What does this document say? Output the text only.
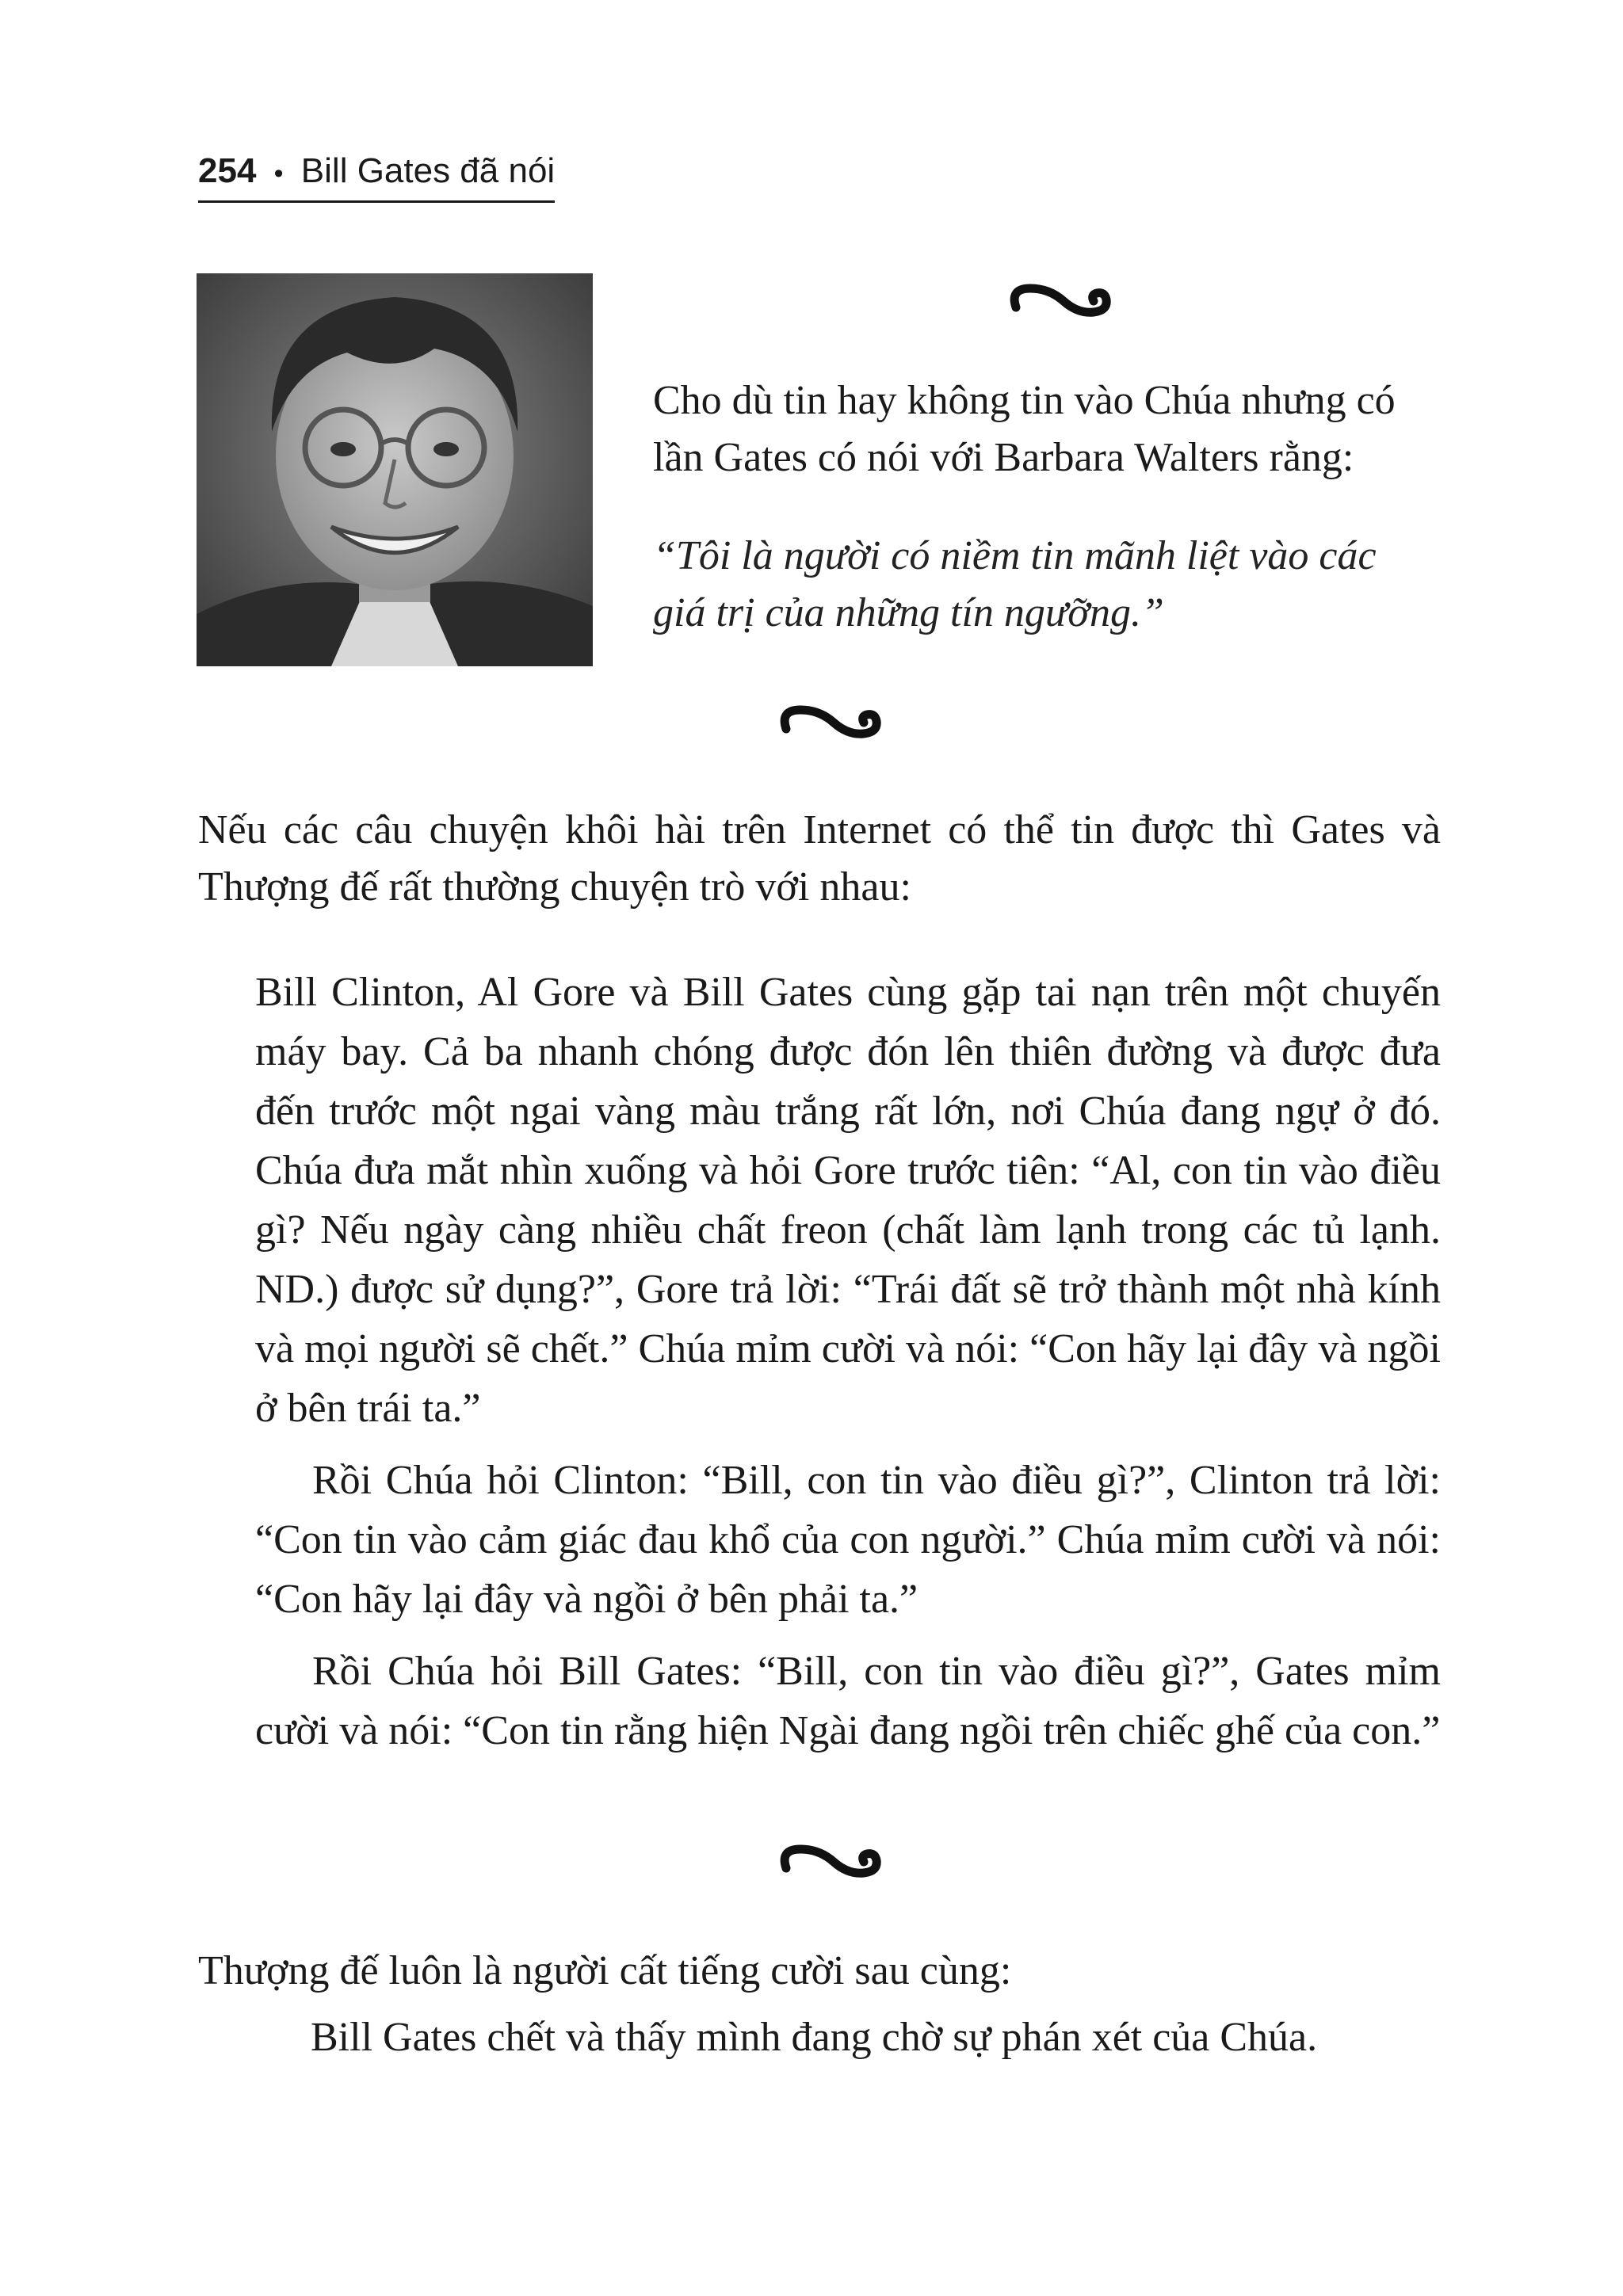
254 • Bill Gates đã nói

Cho dù tin hay không tin vào Chúa nhưng có lần Gates có nói với Barbara Walters rằng:

“Tôi là người có niềm tin mãnh liệt vào các giá trị của những tín ngưỡng.”

Nếu các câu chuyện khôi hài trên Internet có thể tin được thì Gates và Thượng đế rất thường chuyện trò với nhau:

Bill Clinton, Al Gore và Bill Gates cùng gặp tai nạn trên một chuyến máy bay. Cả ba nhanh chóng được đón lên thiên đường và được đưa đến trước một ngai vàng màu trắng rất lớn, nơi Chúa đang ngự ở đó. Chúa đưa mắt nhìn xuống và hỏi Gore trước tiên: “Al, con tin vào điều gì? Nếu ngày càng nhiều chất freon (chất làm lạnh trong các tủ lạnh. ND.) được sử dụng?”, Gore trả lời: “Trái đất sẽ trở thành một nhà kính và mọi người sẽ chết.” Chúa mỉm cười và nói: “Con hãy lại đây và ngồi ở bên trái ta.”

Rồi Chúa hỏi Clinton: “Bill, con tin vào điều gì?”, Clinton trả lời: “Con tin vào cảm giác đau khổ của con người.” Chúa mỉm cười và nói: “Con hãy lại đây và ngồi ở bên phải ta.”

Rồi Chúa hỏi Bill Gates: “Bill, con tin vào điều gì?”, Gates mỉm cười và nói: “Con tin rằng hiện Ngài đang ngồi trên chiếc ghế của con.”

Thượng đế luôn là người cất tiếng cười sau cùng:

Bill Gates chết và thấy mình đang chờ sự phán xét của Chúa.
